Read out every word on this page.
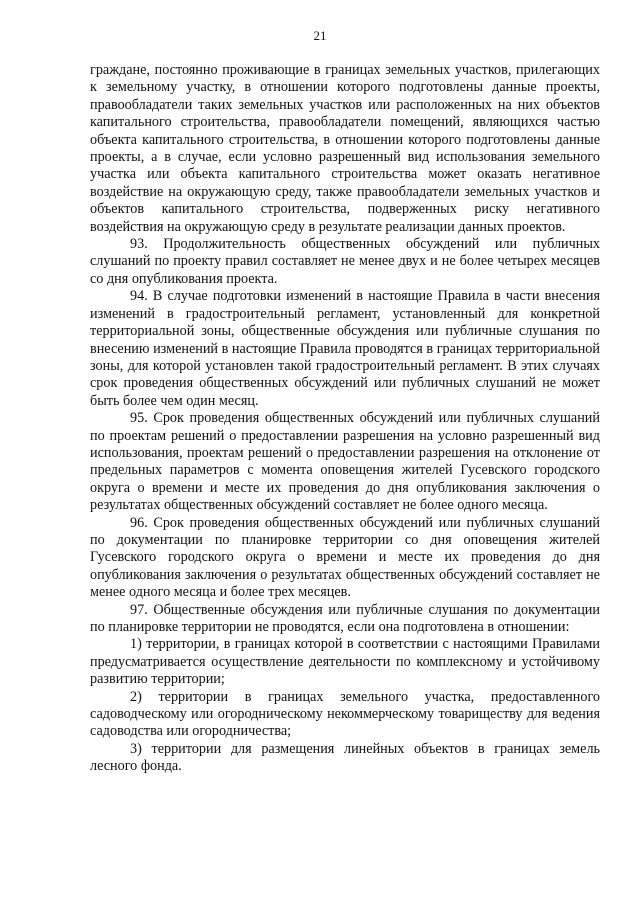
21

граждане, постоянно проживающие в границах земельных участков, прилегающих к земельному участку, в отношении которого подготовлены данные проекты, правообладатели таких земельных участков или расположенных на них объектов капитального строительства, правообладатели помещений, являющихся частью объекта капитального строительства, в отношении которого подготовлены данные проекты, а в случае, если условно разрешенный вид использования земельного участка или объекта капитального строительства может оказать негативное воздействие на окружающую среду, также правообладатели земельных участков и объектов капитального строительства, подверженных риску негативного воздействия на окружающую среду в результате реализации данных проектов.

93. Продолжительность общественных обсуждений или публичных слушаний по проекту правил составляет не менее двух и не более четырех месяцев со дня опубликования проекта.

94. В случае подготовки изменений в настоящие Правила в части внесения изменений в градостроительный регламент, установленный для конкретной территориальной зоны, общественные обсуждения или публичные слушания по внесению изменений в настоящие Правила проводятся в границах территориальной зоны, для которой установлен такой градостроительный регламент. В этих случаях срок проведения общественных обсуждений или публичных слушаний не может быть более чем один месяц.

95. Срок проведения общественных обсуждений или публичных слушаний по проектам решений о предоставлении разрешения на условно разрешенный вид использования, проектам решений о предоставлении разрешения на отклонение от предельных параметров с момента оповещения жителей Гусевского городского округа о времени и месте их проведения до дня опубликования заключения о результатах общественных обсуждений составляет не более одного месяца.

96. Срок проведения общественных обсуждений или публичных слушаний по документации по планировке территории со дня оповещения жителей Гусевского городского округа о времени и месте их проведения до дня опубликования заключения о результатах общественных обсуждений составляет не менее одного месяца и более трех месяцев.

97. Общественные обсуждения или публичные слушания по документации по планировке территории не проводятся, если она подготовлена в отношении:

1) территории, в границах которой в соответствии с настоящими Правилами предусматривается осуществление деятельности по комплексному и устойчивому развитию территории;

2) территории в границах земельного участка, предоставленного садоводческому или огородническому некоммерческому товариществу для ведения садоводства или огородничества;

3) территории для размещения линейных объектов в границах земель лесного фонда.
